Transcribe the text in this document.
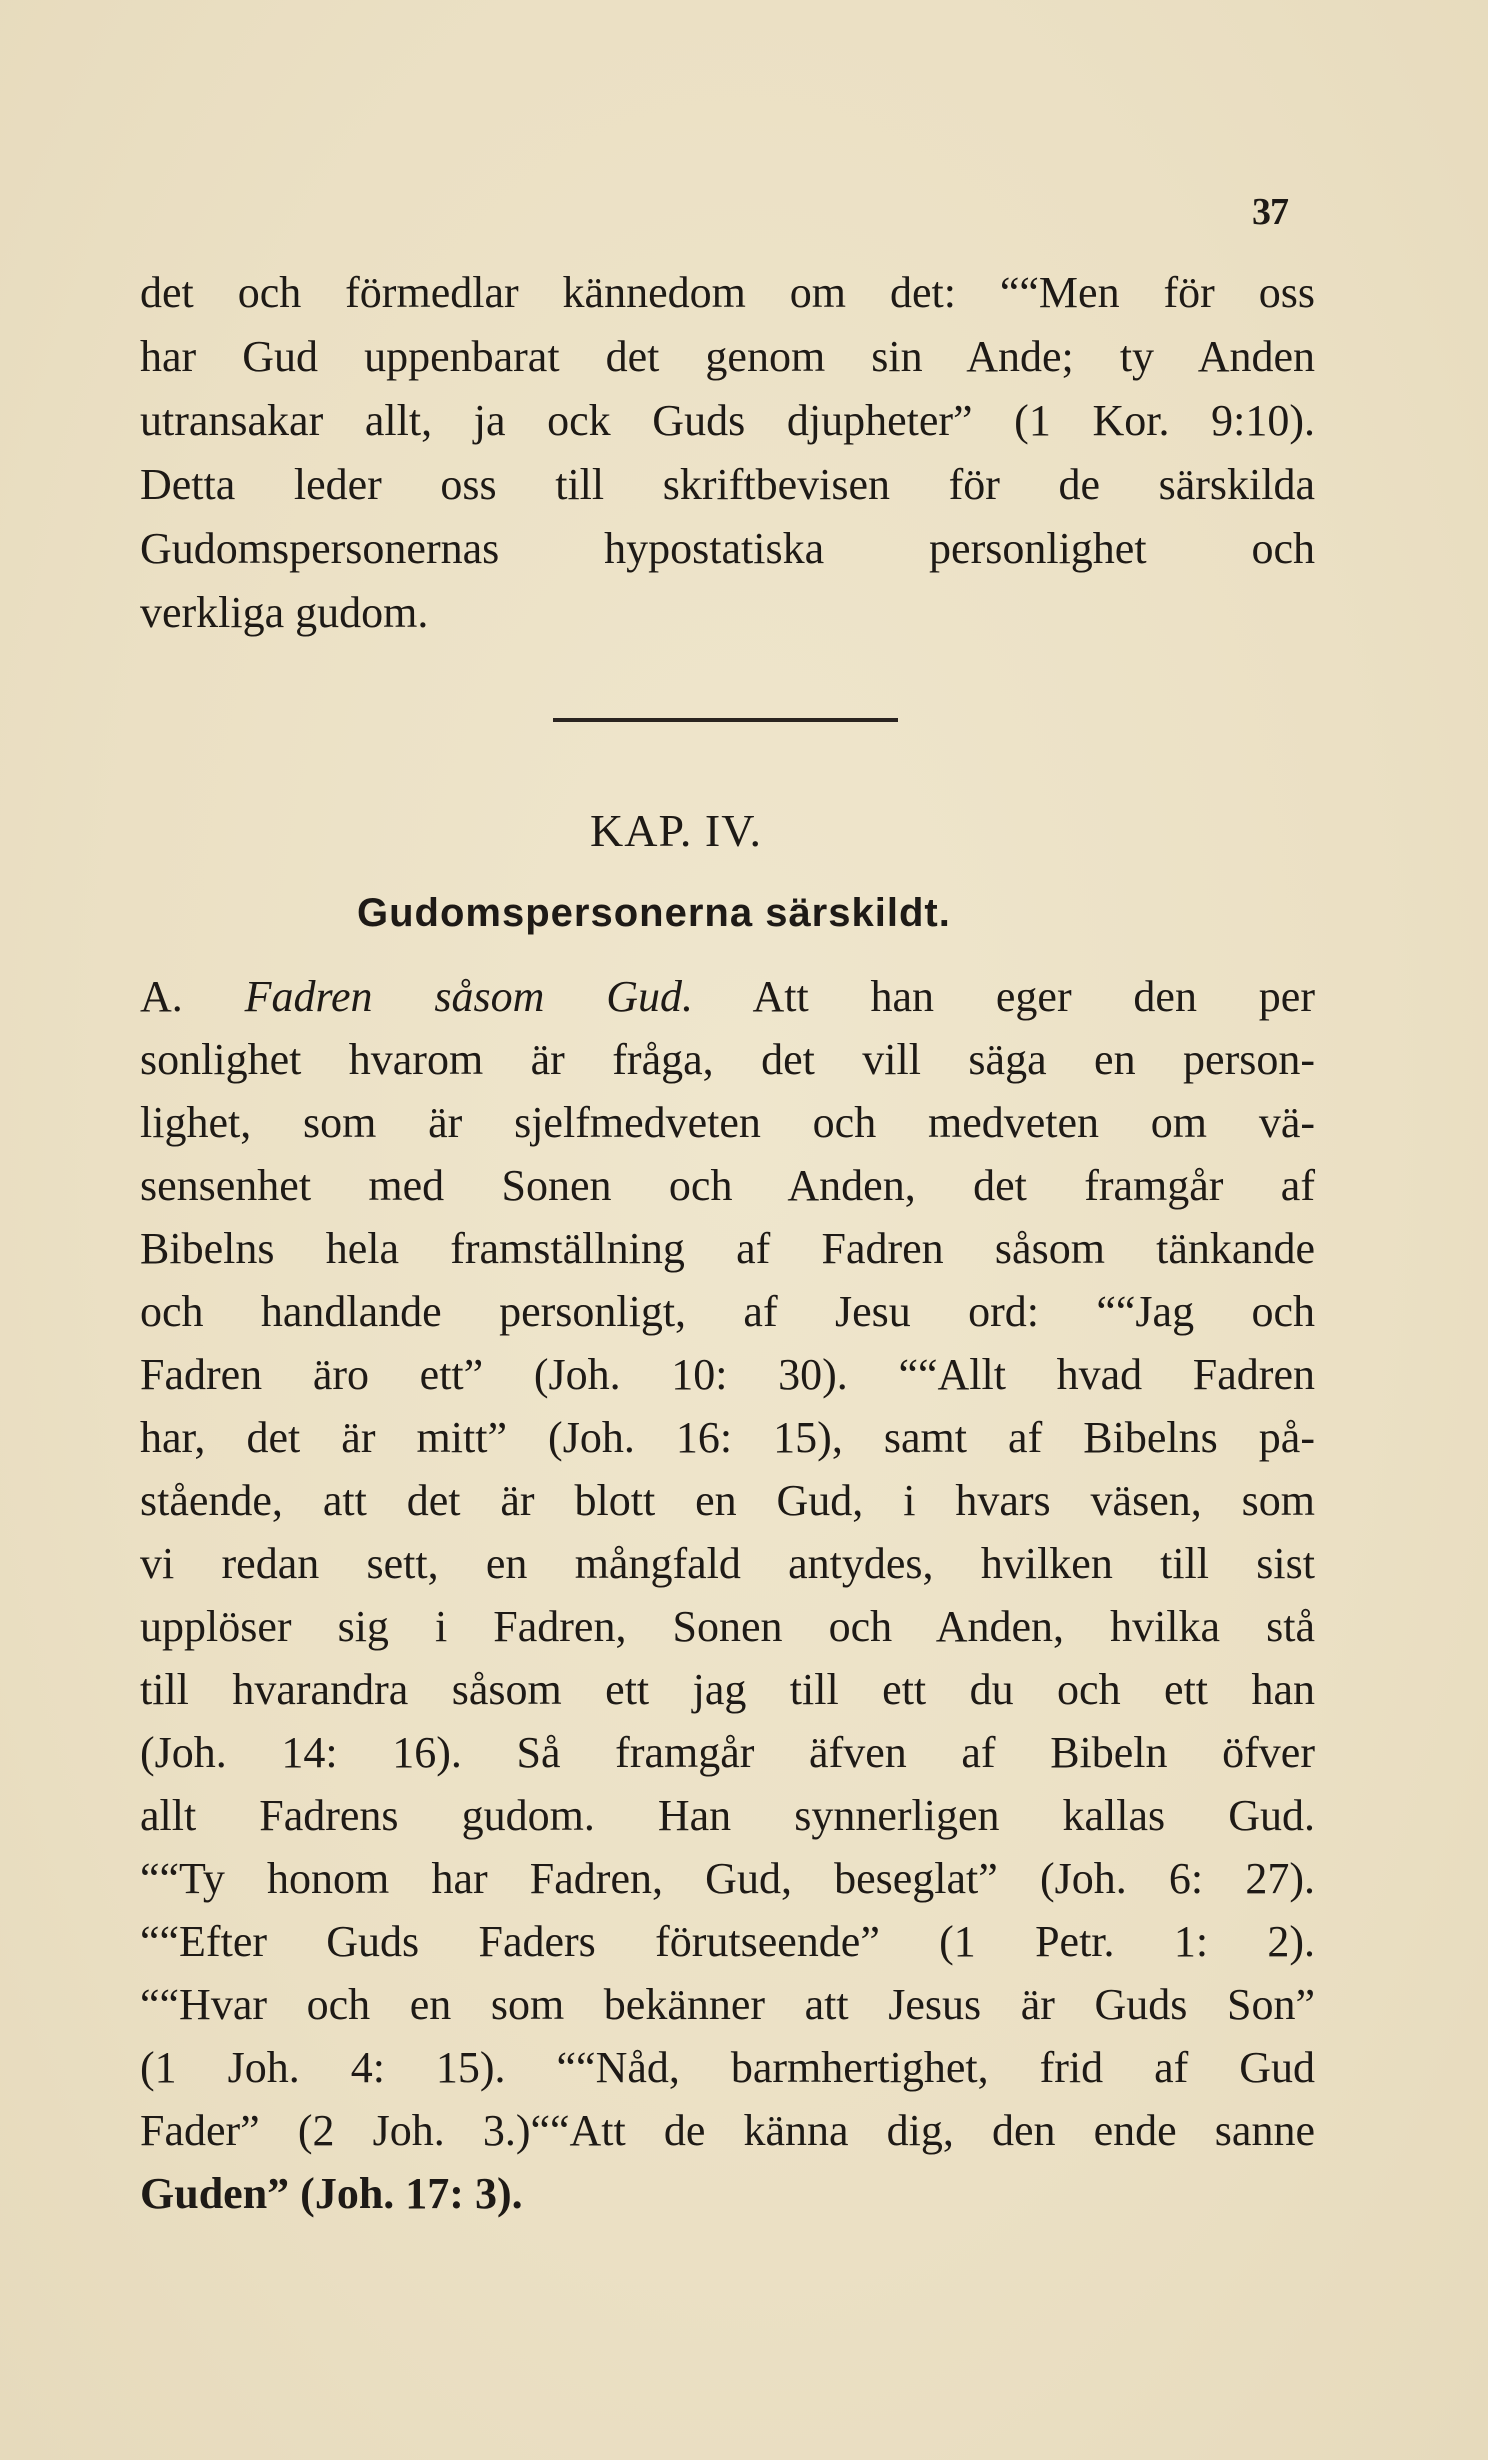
37
det och förmedlar kännedom om det: ““Men för oss
har Gud uppenbarat det genom sin Ande; ty Anden
utransakar allt, ja ock Guds djupheter” (1 Kor. 9:10).
Detta leder oss till skriftbevisen för de särskilda
Gudomspersonernas hypostatiska personlighet och
verkliga gudom.
KAP. IV.
Gudomspersonerna särskildt.
A. Fadren såsom Gud. Att han eger den per
sonlighet hvarom är fråga, det vill säga en person-
lighet, som är sjelfmedveten och medveten om vä-
sensenhet med Sonen och Anden, det framgår af
Bibelns hela framställning af Fadren såsom tänkande
och handlande personligt, af Jesu ord: ““Jag och
Fadren äro ett” (Joh. 10: 30). ““Allt hvad Fadren
har, det är mitt” (Joh. 16: 15), samt af Bibelns på-
stående, att det är blott en Gud, i hvars väsen, som
vi redan sett, en mångfald antydes, hvilken till sist
upplöser sig i Fadren, Sonen och Anden, hvilka stå
till hvarandra såsom ett jag till ett du och ett han
(Joh. 14: 16). Så framgår äfven af Bibeln öfver
allt Fadrens gudom. Han synnerligen kallas Gud.
““Ty honom har Fadren, Gud, beseglat” (Joh. 6: 27).
““Efter Guds Faders förutseende” (1 Petr. 1: 2).
““Hvar och en som bekänner att Jesus är Guds Son”
(1 Joh. 4: 15). ““Nåd, barmhertighet, frid af Gud
Fader” (2 Joh. 3.)““Att de känna dig, den ende sanne
Guden” (Joh. 17: 3).
